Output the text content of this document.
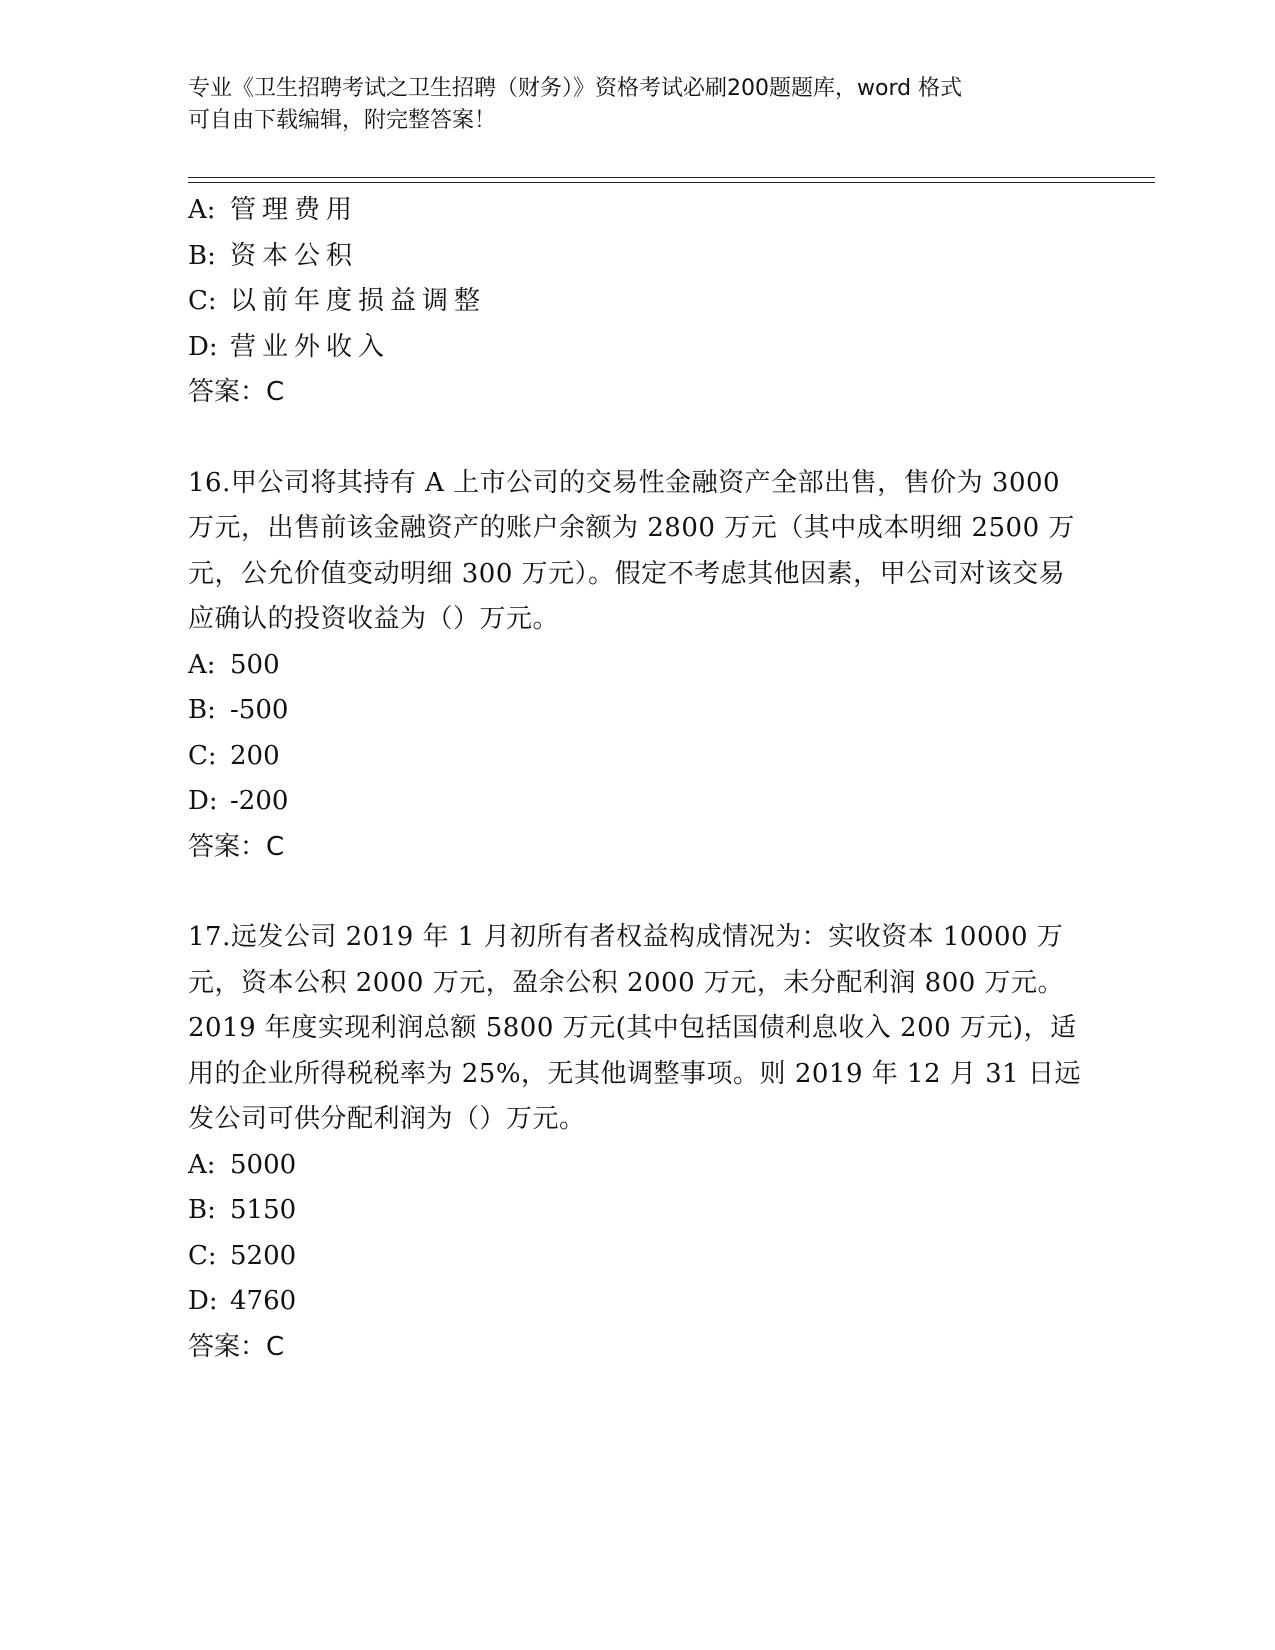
专业《卫生招聘考试之卫生招聘（财务）》资格考试必刷200题题库，word 格式
可自由下载编辑，附完整答案！
A: 管理费用
B: 资本公积
C: 以前年度损益调整
D: 营业外收入
答案：C
16.甲公司将其持有 A 上市公司的交易性金融资产全部出售，售价为 3000 万元，出售前该金融资产的账户余额为 2800 万元（其中成本明细 2500 万元，公允价值变动明细 300 万元）。假定不考虑其他因素，甲公司对该交易应确认的投资收益为（）万元。
A: 500
B: -500
C: 200
D: -200
答案：C
17.远发公司 2019 年 1 月初所有者权益构成情况为：实收资本 10000 万元，资本公积 2000 万元，盈余公积 2000 万元，未分配利润 800 万元。2019 年度实现利润总额 5800 万元(其中包括国债利息收入 200 万元)，适用的企业所得税税率为 25%，无其他调整事项。则 2019 年 12 月 31 日远发公司可供分配利润为（）万元。
A: 5000
B: 5150
C: 5200
D: 4760
答案：C
